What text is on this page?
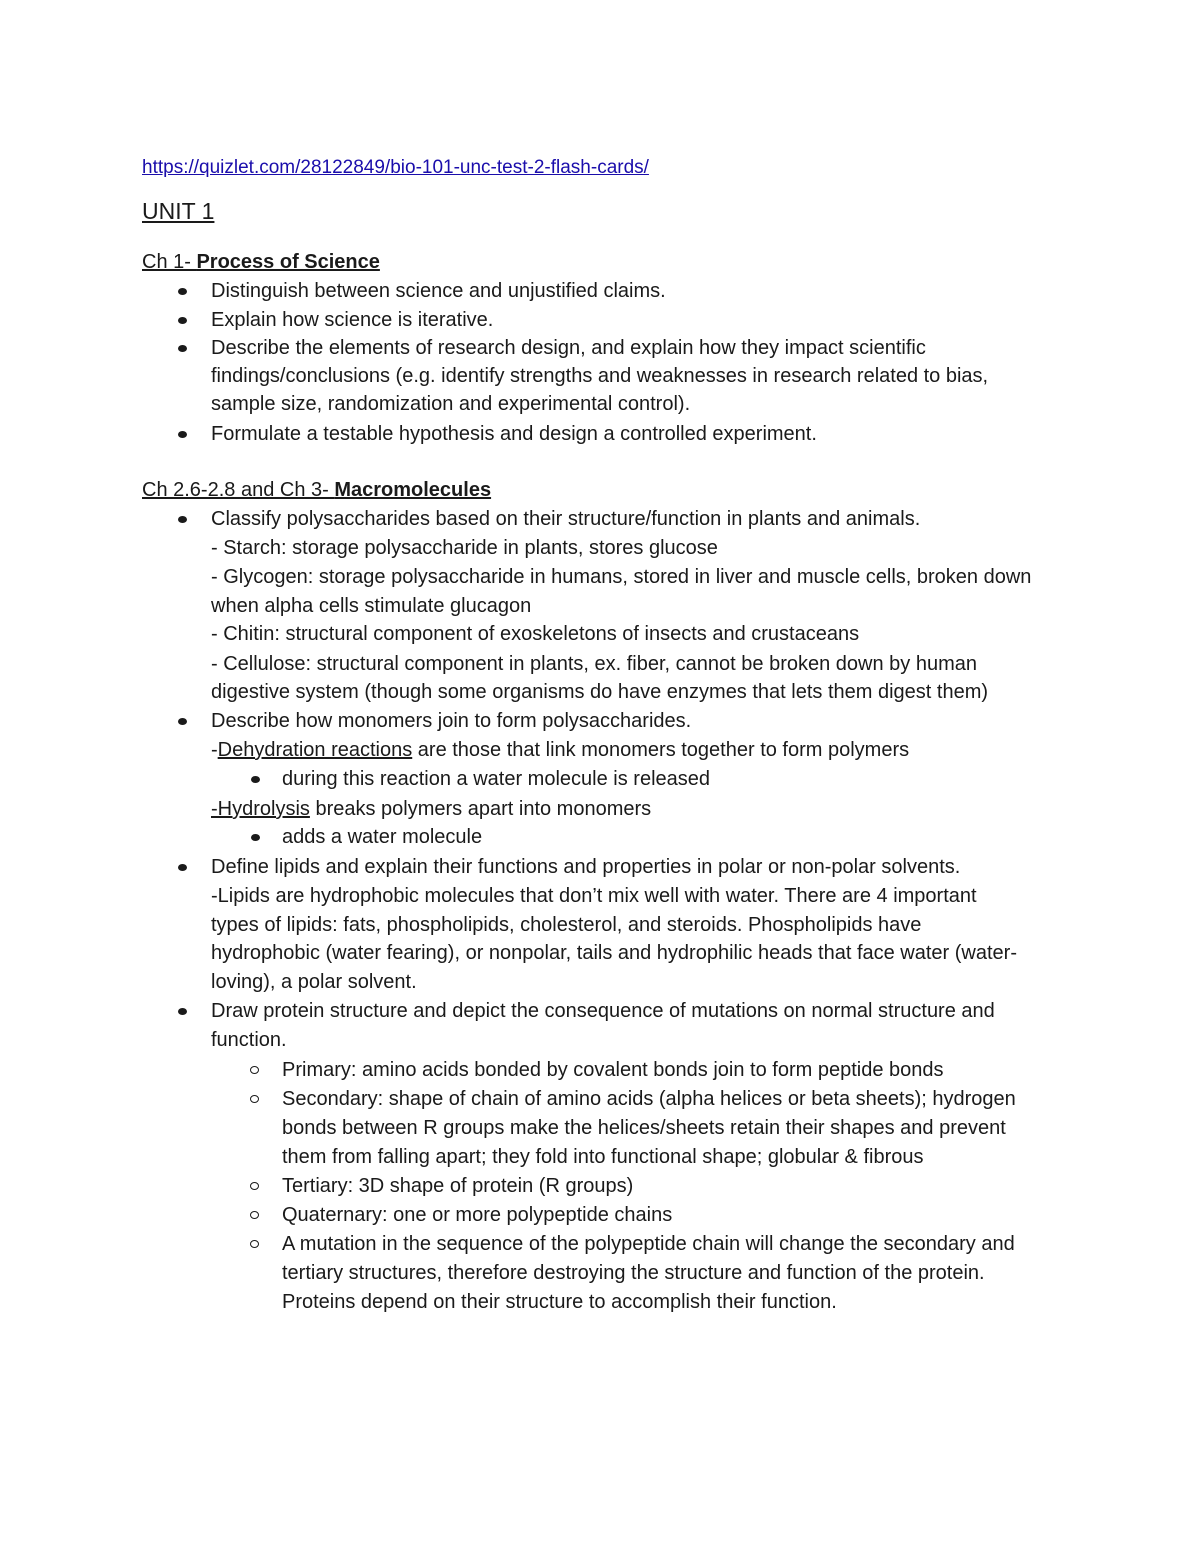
https://quizlet.com/28122849/bio-101-unc-test-2-flash-cards/
UNIT 1
Ch 1- Process of Science
Distinguish between science and unjustified claims.
Explain how science is iterative.
Describe the elements of research design, and explain how they impact scientific
findings/conclusions (e.g. identify strengths and weaknesses in research related to bias,
sample size, randomization and experimental control).
Formulate a testable hypothesis and design a controlled experiment.
Ch 2.6-2.8 and Ch 3- Macromolecules
Classify polysaccharides based on their structure/function in plants and animals.
- Starch: storage polysaccharide in plants, stores glucose
- Glycogen: storage polysaccharide in humans, stored in liver and muscle cells, broken down
when alpha cells stimulate glucagon
- Chitin: structural component of exoskeletons of insects and crustaceans
- Cellulose: structural component in plants, ex. fiber, cannot be broken down by human
digestive system (though some organisms do have enzymes that lets them digest them)
Describe how monomers join to form polysaccharides.
-Dehydration reactions are those that link monomers together to form polymers
during this reaction a water molecule is released
-Hydrolysis breaks polymers apart into monomers
adds a water molecule
Define lipids and explain their functions and properties in polar or non-polar solvents.
-Lipids are hydrophobic molecules that don’t mix well with water. There are 4 important
types of lipids: fats, phospholipids, cholesterol, and steroids. Phospholipids have
hydrophobic (water fearing), or nonpolar, tails and hydrophilic heads that face water (water-
loving), a polar solvent.
Draw protein structure and depict the consequence of mutations on normal structure and
function.
Primary: amino acids bonded by covalent bonds join to form peptide bonds
Secondary: shape of chain of amino acids (alpha helices or beta sheets); hydrogen
bonds between R groups make the helices/sheets retain their shapes and prevent
them from falling apart; they fold into functional shape; globular & fibrous
Tertiary: 3D shape of protein (R groups)
Quaternary: one or more polypeptide chains
A mutation in the sequence of the polypeptide chain will change the secondary and
tertiary structures, therefore destroying the structure and function of the protein.
Proteins depend on their structure to accomplish their function.
